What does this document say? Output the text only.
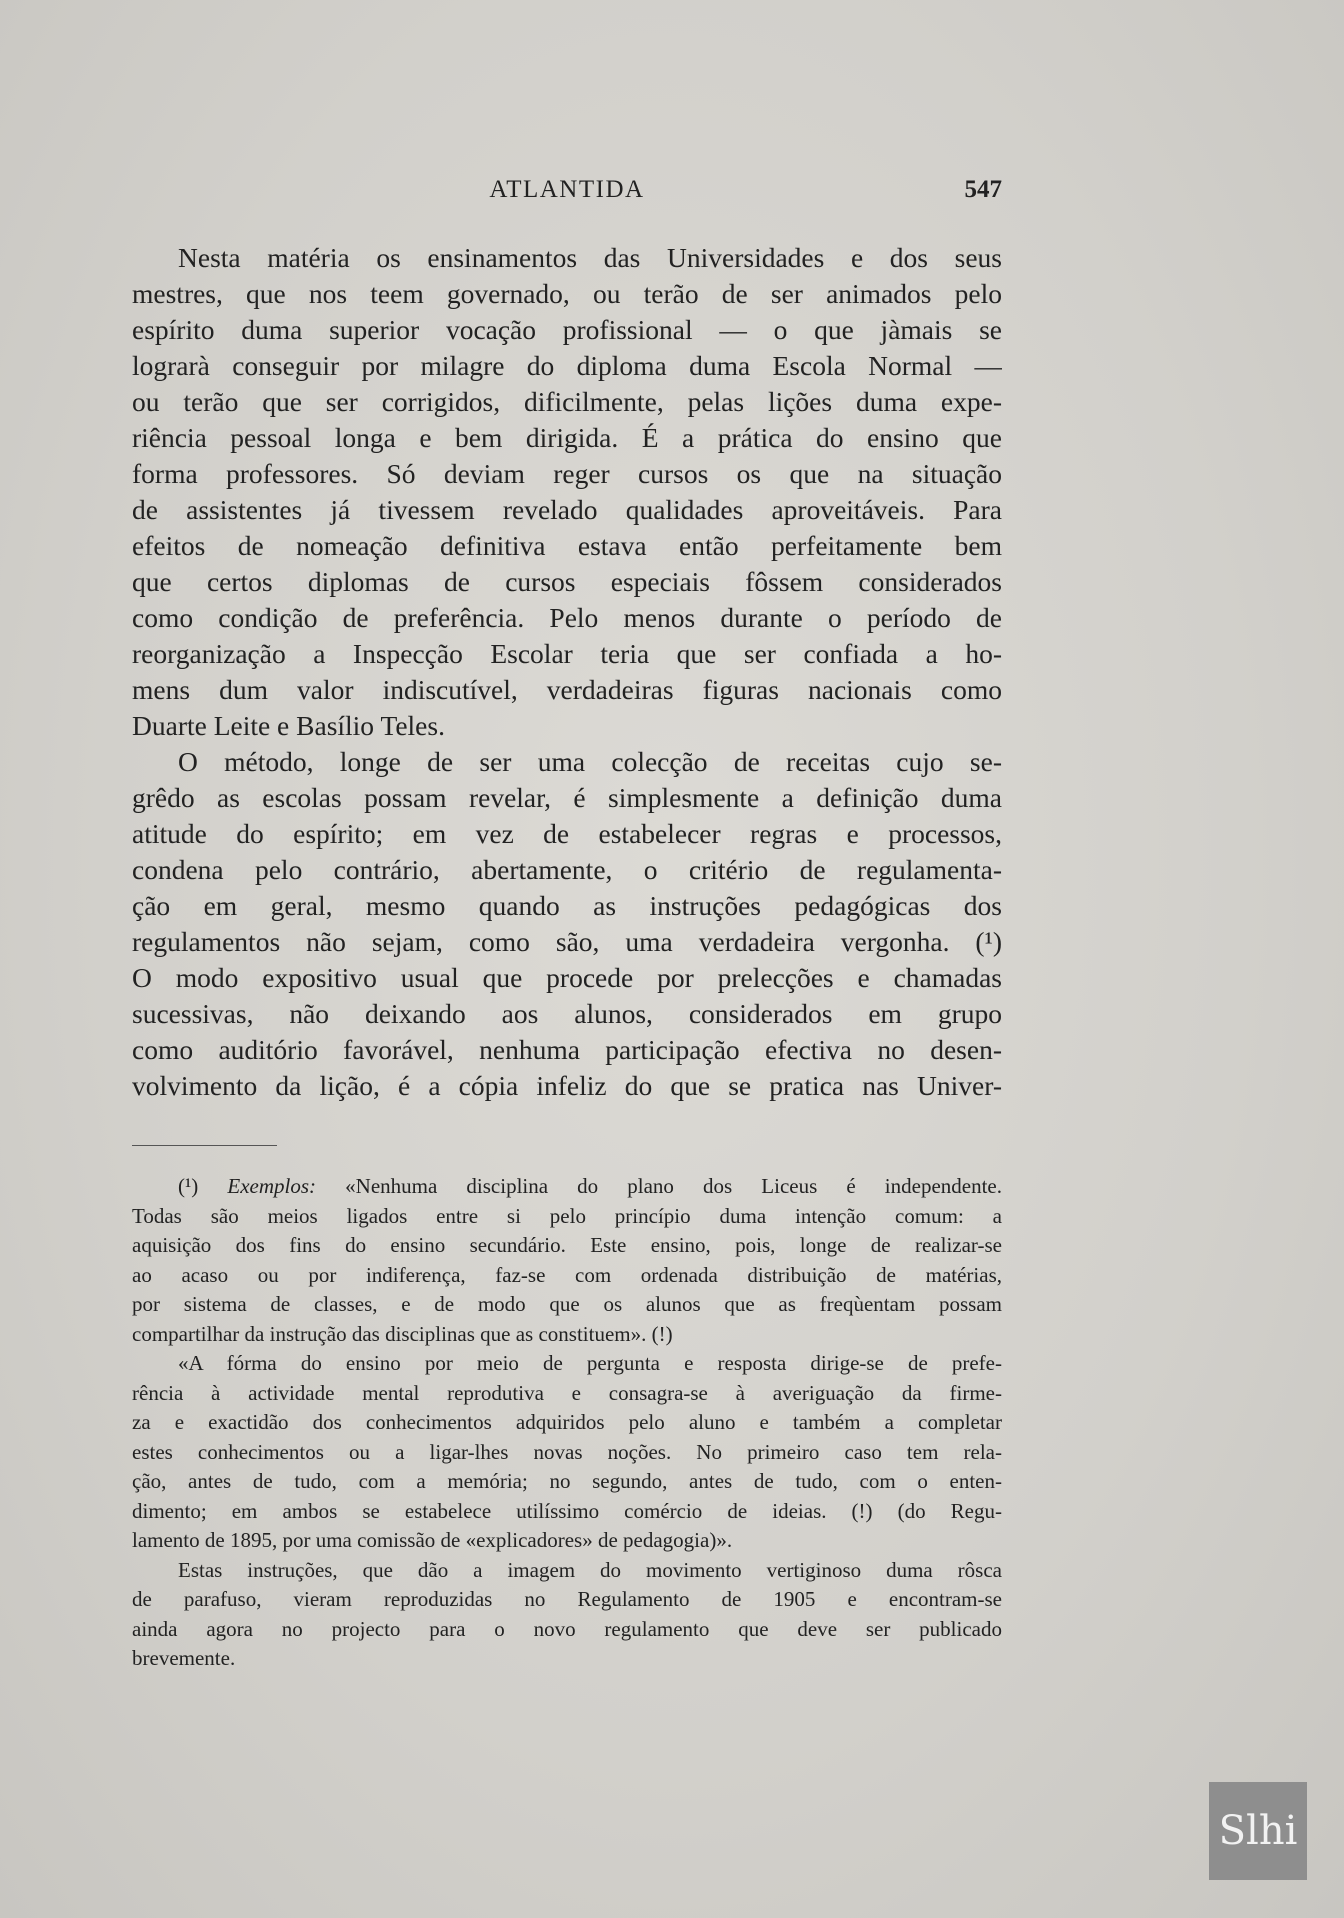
ATLANTIDA	547
Nesta matéria os ensinamentos das Universidades e dos seus
mestres, que nos teem governado, ou terão de ser animados pelo
espírito duma superior vocação profissional — o que jàmais se
lograrà conseguir por milagre do diploma duma Escola Normal —
ou terão que ser corrigidos, dificilmente, pelas lições duma expe-
riência pessoal longa e bem dirigida. É a prática do ensino que
forma professores. Só deviam reger cursos os que na situação
de assistentes já tivessem revelado qualidades aproveitáveis. Para
efeitos de nomeação definitiva estava então perfeitamente bem
que certos diplomas de cursos especiais fôssem considerados
como condição de preferência. Pelo menos durante o período de
reorganização a Inspecção Escolar teria que ser confiada a ho-
mens dum valor indiscutível, verdadeiras figuras nacionais como
Duarte Leite e Basílio Teles.
O método, longe de ser uma colecção de receitas cujo se-
grêdo as escolas possam revelar, é simplesmente a definição duma
atitude do espírito; em vez de estabelecer regras e processos,
condena pelo contrário, abertamente, o critério de regulamenta-
ção em geral, mesmo quando as instruções pedagógicas dos
regulamentos não sejam, como são, uma verdadeira vergonha. (¹)
O modo expositivo usual que procede por prelecções e chamadas
sucessivas, não deixando aos alunos, considerados em grupo
como auditório favorável, nenhuma participação efectiva no desen-
volvimento da lição, é a cópia infeliz do que se pratica nas Univer-
(¹) Exemplos: «Nenhuma disciplina do plano dos Liceus é independente.
Todas são meios ligados entre si pelo princípio duma intenção comum: a
aquisição dos fins do ensino secundário. Este ensino, pois, longe de realizar-se
ao acaso ou por indiferença, faz-se com ordenada distribuição de matérias,
por sistema de classes, e de modo que os alunos que as freqùentam possam
compartilhar da instrução das disciplinas que as constituem». (!)
«A fórma do ensino por meio de pergunta e resposta dirige-se de prefe-
rência à actividade mental reprodutiva e consagra-se à averiguação da firme-
za e exactidão dos conhecimentos adquiridos pelo aluno e também a completar
estes conhecimentos ou a ligar-lhes novas noções. No primeiro caso tem rela-
ção, antes de tudo, com a memória; no segundo, antes de tudo, com o enten-
dimento; em ambos se estabelece utilíssimo comércio de ideias. (!) (do Regu-
lamento de 1895, por uma comissão de «explicadores» de pedagogia)».
Estas instruções, que dão a imagem do movimento vertiginoso duma rôsca
de parafuso, vieram reproduzidas no Regulamento de 1905 e encontram-se
ainda agora no projecto para o novo regulamento que deve ser publicado
brevemente.
Slhi
